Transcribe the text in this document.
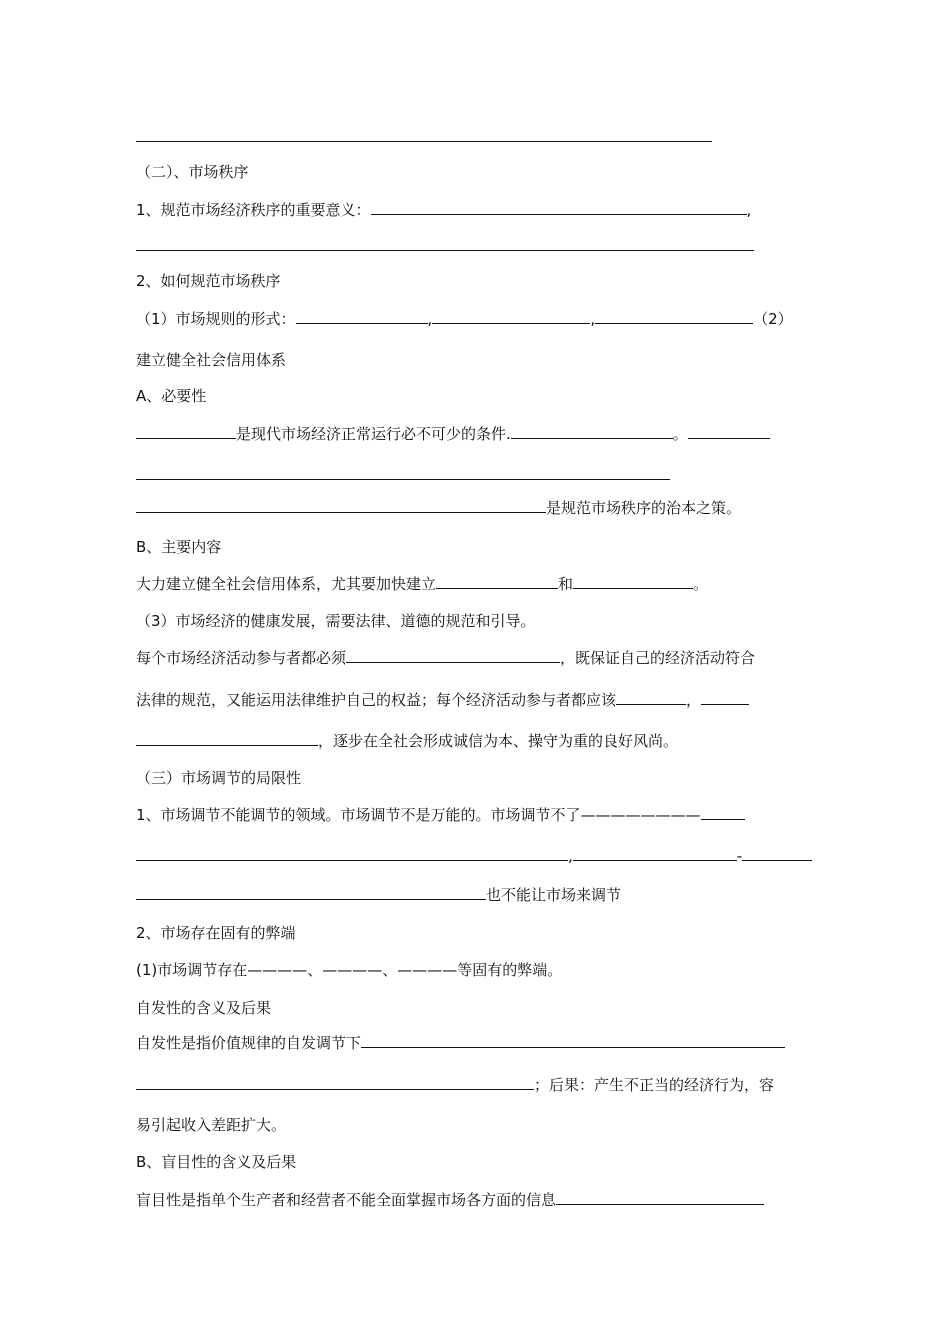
（二）、市场秩序
1、规范市场经济秩序的重要意义：	,
2、如何规范市场秩序
（1）市场规则的形式：	,	,	（2）
建立健全社会信用体系
A、必要性
是现代市场经济正常运行必不可少的条件.	。
是规范市场秩序的治本之策。
B、主要内容
大力建立健全社会信用体系，尤其要加快建立	和	。
（3）市场经济的健康发展，需要法律、道德的规范和引导。
每个市场经济活动参与者都必须	，既保证自己的经济活动符合
法律的规范，又能运用法律维护自己的权益；每个经济活动参与者都应该	，
，逐步在全社会形成诚信为本、操守为重的良好风尚。
（三）市场调节的局限性
1、市场调节不能调节的领域。市场调节不是万能的。市场调节不了————————
,	-
也不能让市场来调节
2、市场存在固有的弊端
(1)市场调节存在————、————、————等固有的弊端。
自发性的含义及后果
自发性是指价值规律的自发调节下
；后果：产生不正当的经济行为，容
易引起收入差距扩大。
B、盲目性的含义及后果
盲目性是指单个生产者和经营者不能全面掌握市场各方面的信息
